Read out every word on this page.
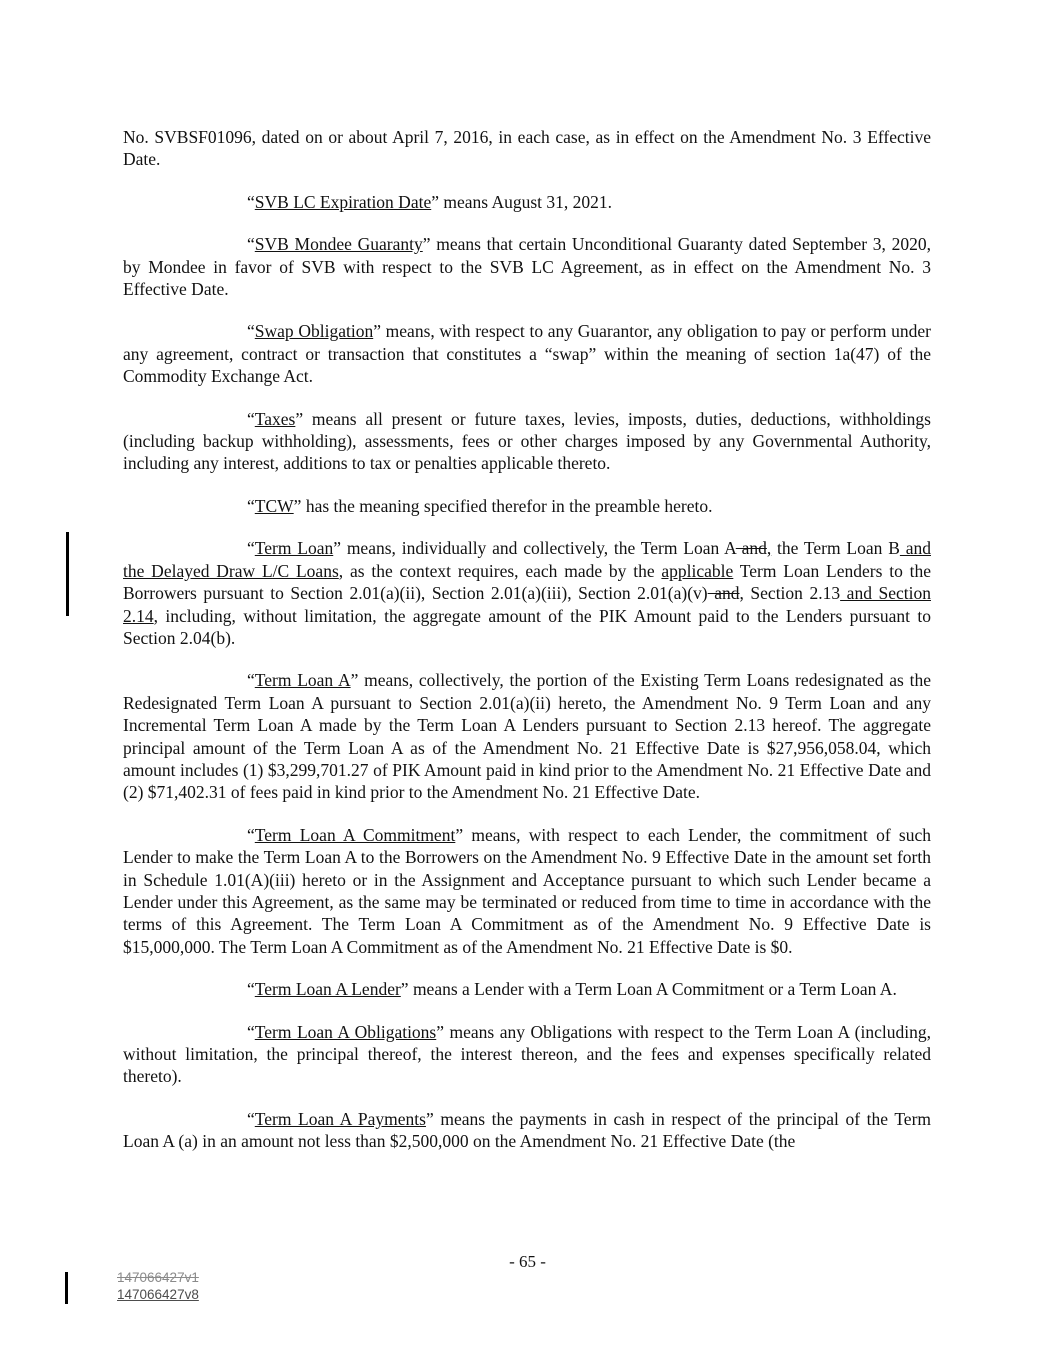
No. SVBSF01096, dated on or about April 7, 2016, in each case, as in effect on the Amendment No. 3 Effective Date.

“SVB LC Expiration Date” means August 31, 2021.

“SVB Mondee Guaranty” means that certain Unconditional Guaranty dated September 3, 2020, by Mondee in favor of SVB with respect to the SVB LC Agreement, as in effect on the Amendment No. 3 Effective Date.

“Swap Obligation” means, with respect to any Guarantor, any obligation to pay or perform under any agreement, contract or transaction that constitutes a “swap” within the meaning of section 1a(47) of the Commodity Exchange Act.

“Taxes” means all present or future taxes, levies, imposts, duties, deductions, withholdings (including backup withholding), assessments, fees or other charges imposed by any Governmental Authority, including any interest, additions to tax or penalties applicable thereto.

“TCW” has the meaning specified therefor in the preamble hereto.

“Term Loan” means, individually and collectively, the Term Loan A and, the Term Loan B and the Delayed Draw L/C Loans, as the context requires, each made by the applicable Term Loan Lenders to the Borrowers pursuant to Section 2.01(a)(ii), Section 2.01(a)(iii), Section 2.01(a)(v) and, Section 2.13 and Section 2.14, including, without limitation, the aggregate amount of the PIK Amount paid to the Lenders pursuant to Section 2.04(b).

“Term Loan A” means, collectively, the portion of the Existing Term Loans redesignated as the Redesignated Term Loan A pursuant to Section 2.01(a)(ii) hereto, the Amendment No. 9 Term Loan and any Incremental Term Loan A made by the Term Loan A Lenders pursuant to Section 2.13 hereof. The aggregate principal amount of the Term Loan A as of the Amendment No. 21 Effective Date is $27,956,058.04, which amount includes (1) $3,299,701.27 of PIK Amount paid in kind prior to the Amendment No. 21 Effective Date and (2) $71,402.31 of fees paid in kind prior to the Amendment No. 21 Effective Date.

“Term Loan A Commitment” means, with respect to each Lender, the commitment of such Lender to make the Term Loan A to the Borrowers on the Amendment No. 9 Effective Date in the amount set forth in Schedule 1.01(A)(iii) hereto or in the Assignment and Acceptance pursuant to which such Lender became a Lender under this Agreement, as the same may be terminated or reduced from time to time in accordance with the terms of this Agreement. The Term Loan A Commitment as of the Amendment No. 9 Effective Date is $15,000,000. The Term Loan A Commitment as of the Amendment No. 21 Effective Date is $0.

“Term Loan A Lender” means a Lender with a Term Loan A Commitment or a Term Loan A.

“Term Loan A Obligations” means any Obligations with respect to the Term Loan A (including, without limitation, the principal thereof, the interest thereon, and the fees and expenses specifically related thereto).

“Term Loan A Payments” means the payments in cash in respect of the principal of the Term Loan A (a) in an amount not less than $2,500,000 on the Amendment No. 21 Effective Date (the

- 65 -
147066427v1
147066427v8
